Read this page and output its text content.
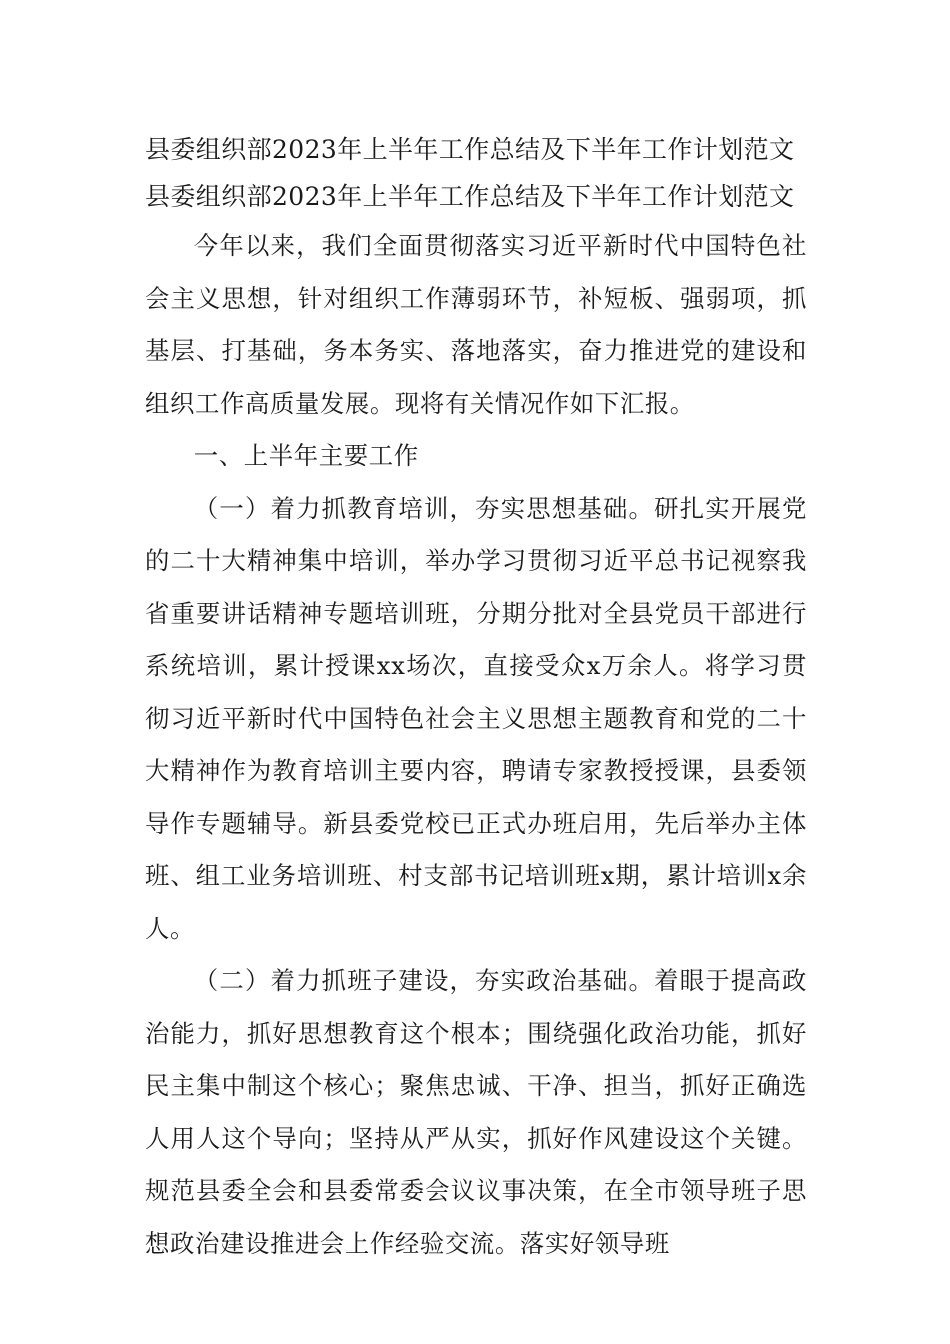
县委组织部2023年上半年工作总结及下半年工作计划范文
县委组织部2023年上半年工作总结及下半年工作计划范文

今年以来，我们全面贯彻落实习近平新时代中国特色社会主义思想，针对组织工作薄弱环节，补短板、强弱项，抓基层、打基础，务本务实、落地落实，奋力推进党的建设和组织工作高质量发展。现将有关情况作如下汇报。

一、上半年主要工作

（一）着力抓教育培训，夯实思想基础。研扎实开展党的二十大精神集中培训，举办学习贯彻习近平总书记视察我省重要讲话精神专题培训班，分期分批对全县党员干部进行系统培训，累计授课xx场次，直接受众x万余人。将学习贯彻习近平新时代中国特色社会主义思想主题教育和党的二十大精神作为教育培训主要内容，聘请专家教授授课，县委领导作专题辅导。新县委党校已正式办班启用，先后举办主体班、组工业务培训班、村支部书记培训班x期，累计培训x余人。

（二）着力抓班子建设，夯实政治基础。着眼于提高政治能力，抓好思想教育这个根本；围绕强化政治功能，抓好民主集中制这个核心；聚焦忠诚、干净、担当，抓好正确选人用人这个导向；坚持从严从实，抓好作风建设这个关键。规范县委全会和县委常委会议议事决策，在全市领导班子思想政治建设推进会上作经验交流。落实好领导班
